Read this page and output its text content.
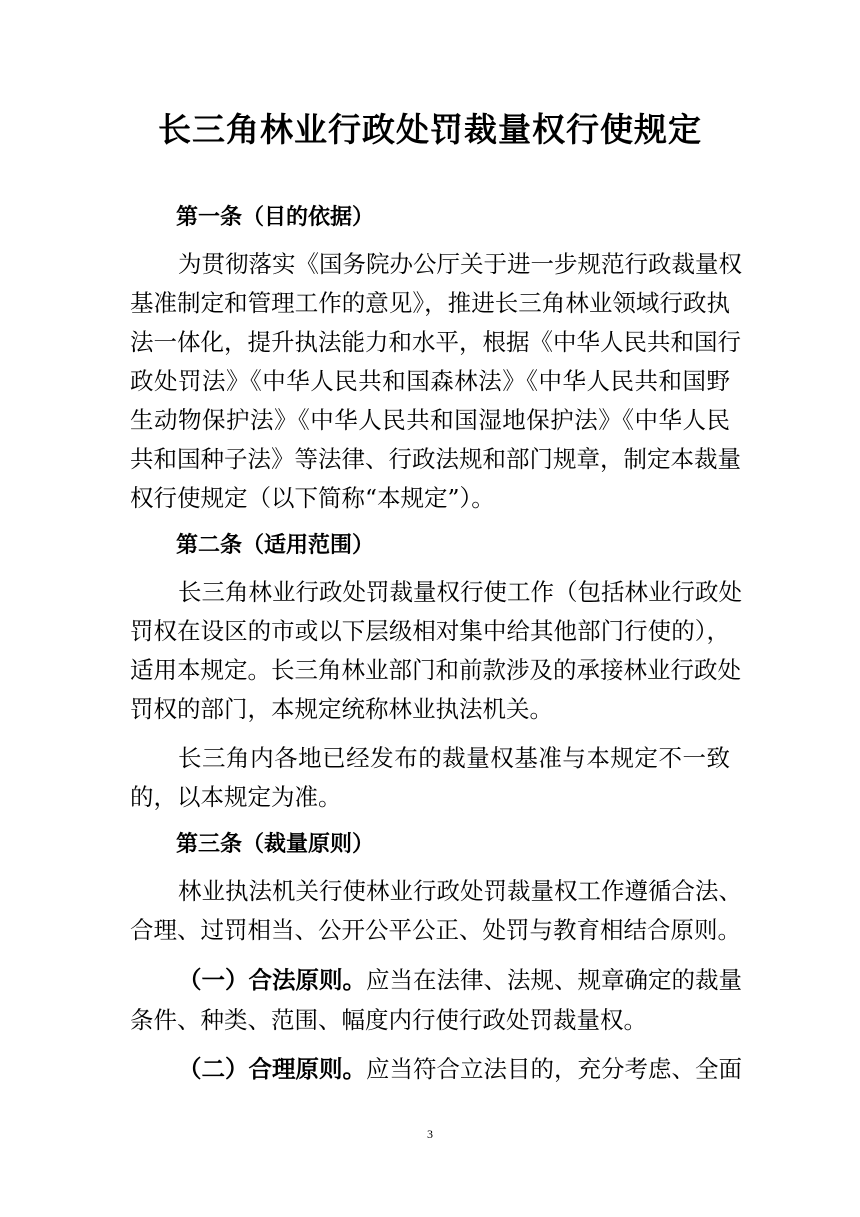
长三角林业行政处罚裁量权行使规定
第一条（目的依据）
为贯彻落实《国务院办公厅关于进一步规范行政裁量权
基准制定和管理工作的意见》，推进长三角林业领域行政执
法一体化，提升执法能力和水平，根据《中华人民共和国行
政处罚法》《中华人民共和国森林法》《中华人民共和国野
生动物保护法》《中华人民共和国湿地保护法》《中华人民
共和国种子法》等法律、行政法规和部门规章，制定本裁量
权行使规定（以下简称“本规定”）。
第二条（适用范围）
长三角林业行政处罚裁量权行使工作（包括林业行政处
罚权在设区的市或以下层级相对集中给其他部门行使的），
适用本规定。长三角林业部门和前款涉及的承接林业行政处
罚权的部门，本规定统称林业执法机关。
长三角内各地已经发布的裁量权基准与本规定不一致
的，以本规定为准。
第三条（裁量原则）
林业执法机关行使林业行政处罚裁量权工作遵循合法、
合理、过罚相当、公开公平公正、处罚与教育相结合原则。
（一）合法原则。应当在法律、法规、规章确定的裁量
条件、种类、范围、幅度内行使行政处罚裁量权。
（二）合理原则。应当符合立法目的，充分考虑、全面
3
